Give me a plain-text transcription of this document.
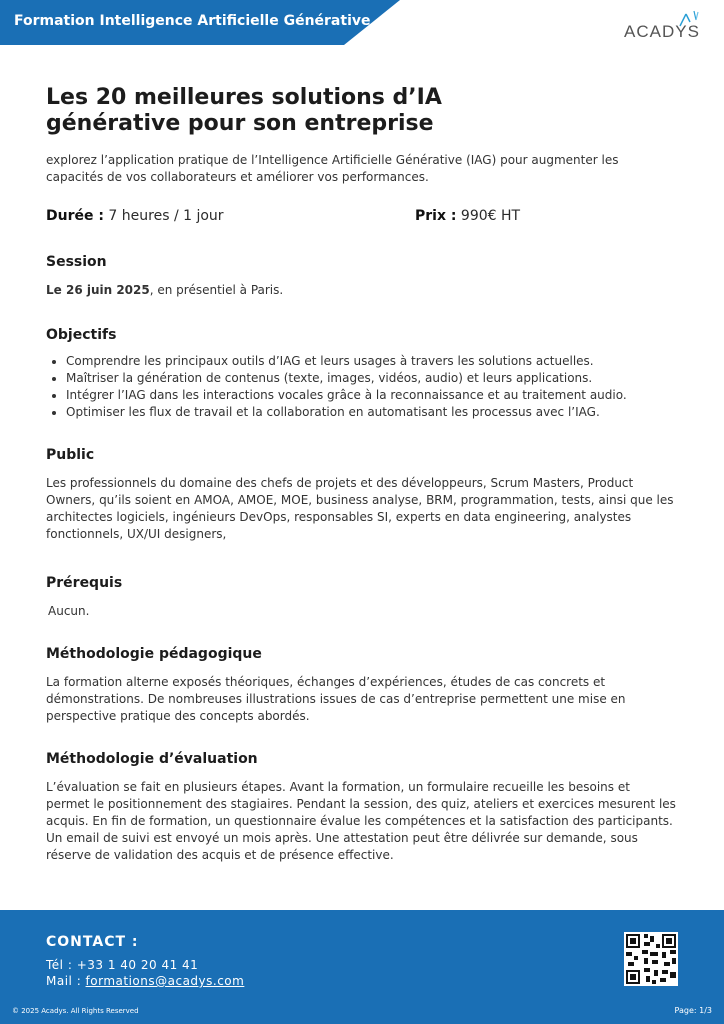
Formation Intelligence Artificielle Générative
ACADYS
Les 20 meilleures solutions d’IA générative pour son entreprise
explorez l’application pratique de l’Intelligence Artificielle Générative (IAG) pour augmenter les capacités de vos collaborateurs et améliorer vos performances.
Durée : 7 heures / 1 jour	Prix : 990€ HT
Session
Le 26 juin 2025, en présentiel à Paris.
Objectifs
• Comprendre les principaux outils d’IAG et leurs usages à travers les solutions actuelles.
• Maîtriser la génération de contenus (texte, images, vidéos, audio) et leurs applications.
• Intégrer l’IAG dans les interactions vocales grâce à la reconnaissance et au traitement audio.
• Optimiser les flux de travail et la collaboration en automatisant les processus avec l’IAG.
Public
Les professionnels du domaine des chefs de projets et des développeurs, Scrum Masters, Product Owners, qu’ils soient en AMOA, AMOE, MOE, business analyse, BRM, programmation, tests, ainsi que les architectes logiciels, ingénieurs DevOps, responsables SI, experts en data engineering, analystes fonctionnels, UX/UI designers,
Prérequis
Aucun.
Méthodologie pédagogique
La formation alterne exposés théoriques, échanges d’expériences, études de cas concrets et démonstrations. De nombreuses illustrations issues de cas d’entreprise permettent une mise en perspective pratique des concepts abordés.
Méthodologie d’évaluation
L’évaluation se fait en plusieurs étapes. Avant la formation, un formulaire recueille les besoins et permet le positionnement des stagiaires. Pendant la session, des quiz, ateliers et exercices mesurent les acquis. En fin de formation, un questionnaire évalue les compétences et la satisfaction des participants. Un email de suivi est envoyé un mois après. Une attestation peut être délivrée sur demande, sous réserve de validation des acquis et de présence effective.
CONTACT :
Tél : +33 1 40 20 41 41
Mail : formations@acadys.com
© 2025 Acadys. All Rights Reserved	Page: 1/3
